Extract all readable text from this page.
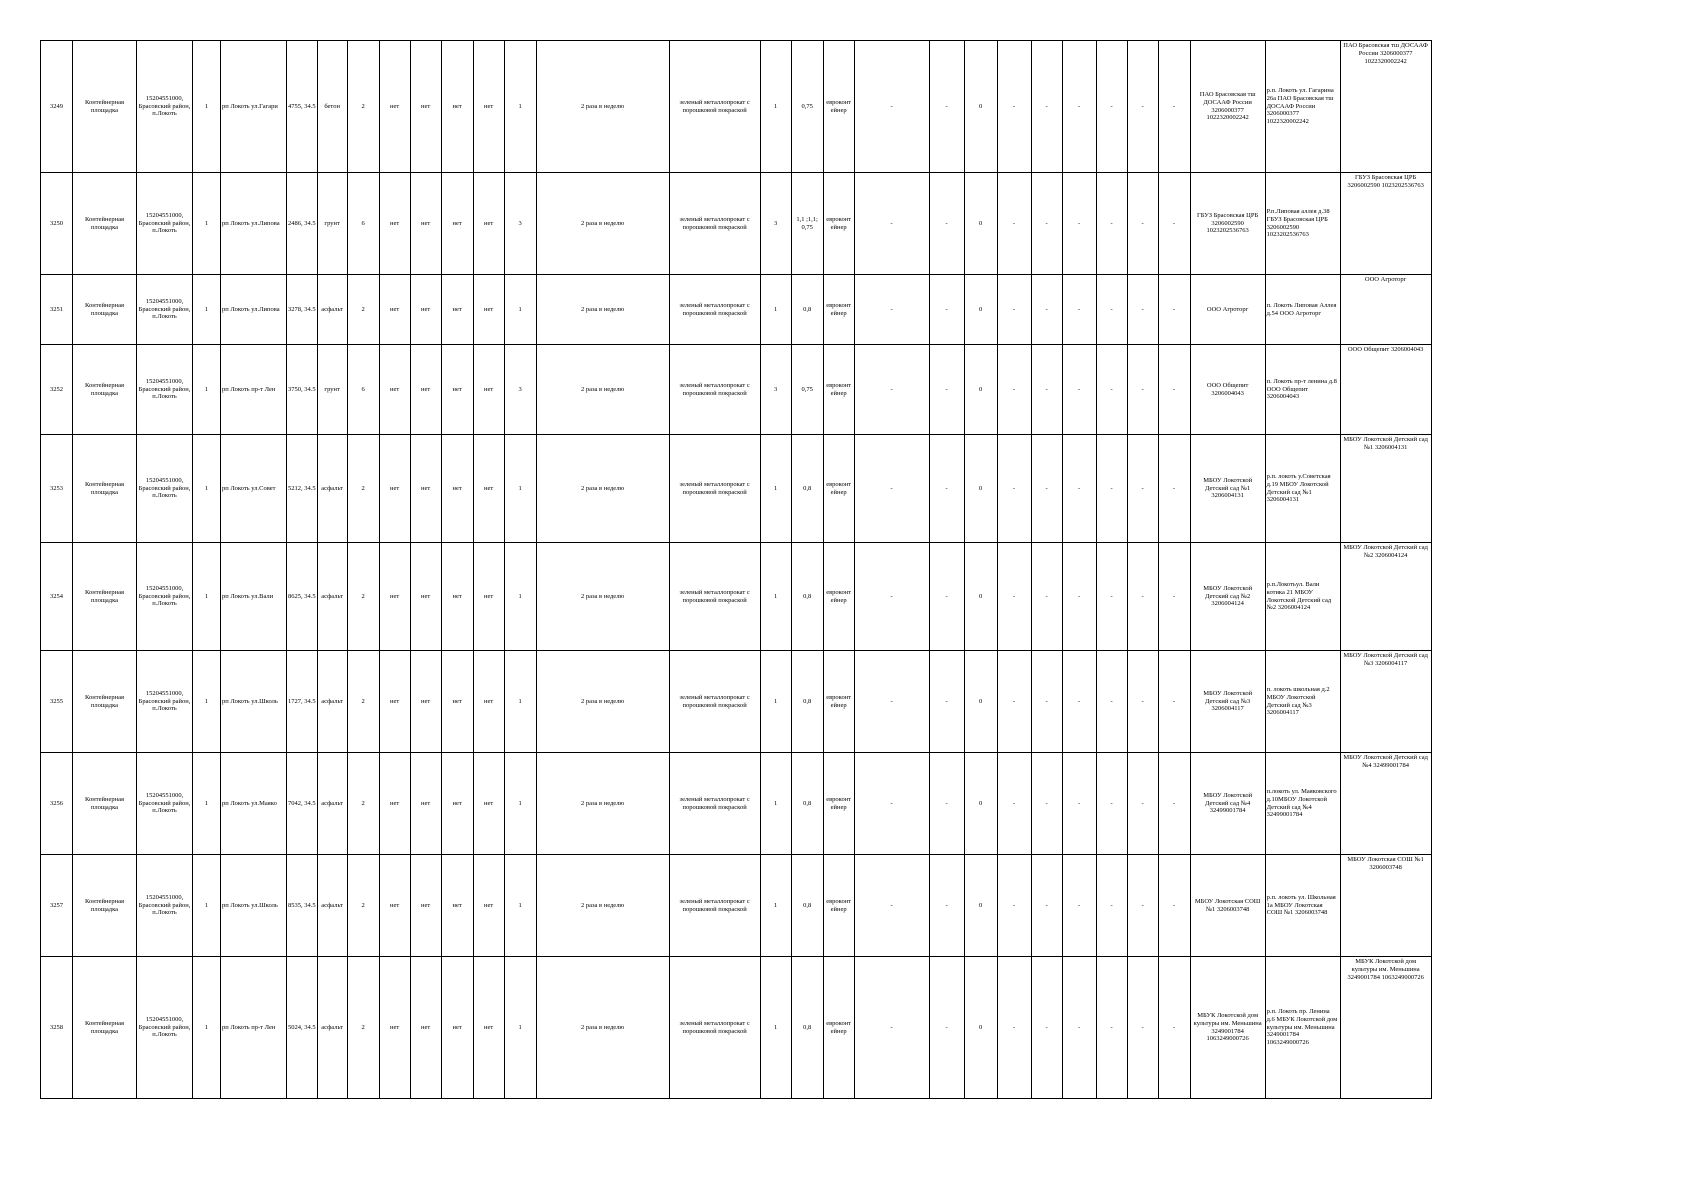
3249	Контейнерная площадка	15204551000, Брасовский район, п.Локоть	1	рп Локоть ул.Гагари	4755, 34.5	бетон	2	нет	нет	нет	нет	1	2 раза в неделю	зеленый металлопрокат с порошковой покраской	1	0,75	евроконт ейнер	-	-	0	-	-	-	-	-	-	ПАО Брасовская тш ДОСААФ России 3206000377 1022320002242	р.п. Локоть ул. Гагарина 26а ПАО Брасовская тш ДОСААФ России 3206000377 1022320002242	ПАО Брасовская тш ДОСААФ России 3206000377 1022320002242
3250	Контейнерная площадка	15204551000, Брасовский район, п.Локоть	1	рп Локоть ул.Липова	2486, 34.5	грунт	6	нет	нет	нет	нет	3	2 раза в неделю	зеленый металлопрокат с порошковой покраской	3	1,1 ;1,1; 0,75	евроконт ейнер	-	-	0	-	-	-	-	-	-	ГБУЗ Брасовская ЦРБ 3206002590 1023202536763	Р.п.Липовая аллея д.38 ГБУЗ Брасовская ЦРБ 3206002590 1023202536763	ГБУЗ Брасовская ЦРБ 3206002590 1023202536763
3251	Контейнерная площадка	15204551000, Брасовский район, п.Локоть	1	рп Локоть ул.Липова	3278, 34.5	асфальт	2	нет	нет	нет	нет	1	2 раза в неделю	зеленый металлопрокат с порошковой покраской	1	0,8	евроконт ейнер	-	-	0	-	-	-	-	-	-	ООО Агроторг	п. Локоть Липовая Аллея д.54 ООО Агроторг	ООО Агроторг
3252	Контейнерная площадка	15204551000, Брасовский район, п.Локоть	1	рп Локоть пр-т Лен	3750, 34.5	грунт	6	нет	нет	нет	нет	3	2 раза в неделю	зеленый металлопрокат с порошковой покраской	3	0,75	евроконт ейнер	-	-	0	-	-	-	-	-	-	ООО Общепит 3206004043	п. Локоть пр-т ленина д.8 ООО Общепит 3206004043	ООО Общепит 3206004043
3253	Контейнерная площадка	15204551000, Брасовский район, п.Локоть	1	рп Локоть ул.Совет	5212, 34.5	асфальт	2	нет	нет	нет	нет	1	2 раза в неделю	зеленый металлопрокат с порошковой покраской	1	0,8	евроконт ейнер	-	-	0	-	-	-	-	-	-	МБОУ Локотской Детский сад №1 3206004131	р.п. локоть у.Советская д.19 МБОУ Локотской Детский сад №1 3206004131	МБОУ Локотской Детский сад №1 3206004131
3254	Контейнерная площадка	15204551000, Брасовский район, п.Локоть	1	рп Локоть ул.Вали	8625, 34.5	асфальт	2	нет	нет	нет	нет	1	2 раза в неделю	зеленый металлопрокат с порошковой покраской	1	0,8	евроконт ейнер	-	-	0	-	-	-	-	-	-	МБОУ Локотской Детский сад №2 3206004124	р.п.Локотьул. Вали котика 21 МБОУ Локотской Детский сад №2 3206004124	МБОУ Локотской Детский сад №2 3206004124
3255	Контейнерная площадка	15204551000, Брасовский район, п.Локоть	1	рп Локоть ул.Школь	1727, 34.5	асфальт	2	нет	нет	нет	нет	1	2 раза в неделю	зеленый металлопрокат с порошковой покраской	1	0,8	евроконт ейнер	-	-	0	-	-	-	-	-	-	МБОУ Локотской Детский сад №3 3206004117	п. локоть школьная д.2 МБОУ Локотской Детский сад №3 3206004117	МБОУ Локотской Детский сад №3 3206004117
3256	Контейнерная площадка	15204551000, Брасовский район, п.Локоть	1	рп Локоть ул.Маяко	7042, 34.5	асфальт	2	нет	нет	нет	нет	1	2 раза в неделю	зеленый металлопрокат с порошковой покраской	1	0,8	евроконт ейнер	-	-	0	-	-	-	-	-	-	МБОУ Локотской Детский сад №4 32499001784	п.локоть ул. Маяковского д.10МБОУ Локотской Детский сад №4 32499001784	МБОУ Локотской Детский сад №4 32499001784
3257	Контейнерная площадка	15204551000, Брасовский район, п.Локоть	1	рп Локоть ул.Школь	8535, 34.5	асфальт	2	нет	нет	нет	нет	1	2 раза в неделю	зеленый металлопрокат с порошковой покраской	1	0,8	евроконт ейнер	-	-	0	-	-	-	-	-	-	МБОУ Локотская СОШ №1 3206003748	р.п. локоть ул. Школьная 1а МБОУ Локотская СОШ №1 3206003748	МБОУ Локотская СОШ №1 3206003748
3258	Контейнерная площадка	15204551000, Брасовский район, п.Локоть	1	рп Локоть пр-т Лен	5024, 34.5	асфальт	2	нет	нет	нет	нет	1	2 раза в неделю	зеленый металлопрокат с порошковой покраской	1	0,8	евроконт ейнер	-	-	0	-	-	-	-	-	-	МБУК Локотской дом культуры им. Меньшина 3249001784 1063249000726	р.п. Локоть пр. Ленина д.6 МБУК Локотской дом культуры им. Меньшина 3249001784 1063249000726	МБУК Локотской дом культуры им. Меньшина 3249001784 1063249000726
